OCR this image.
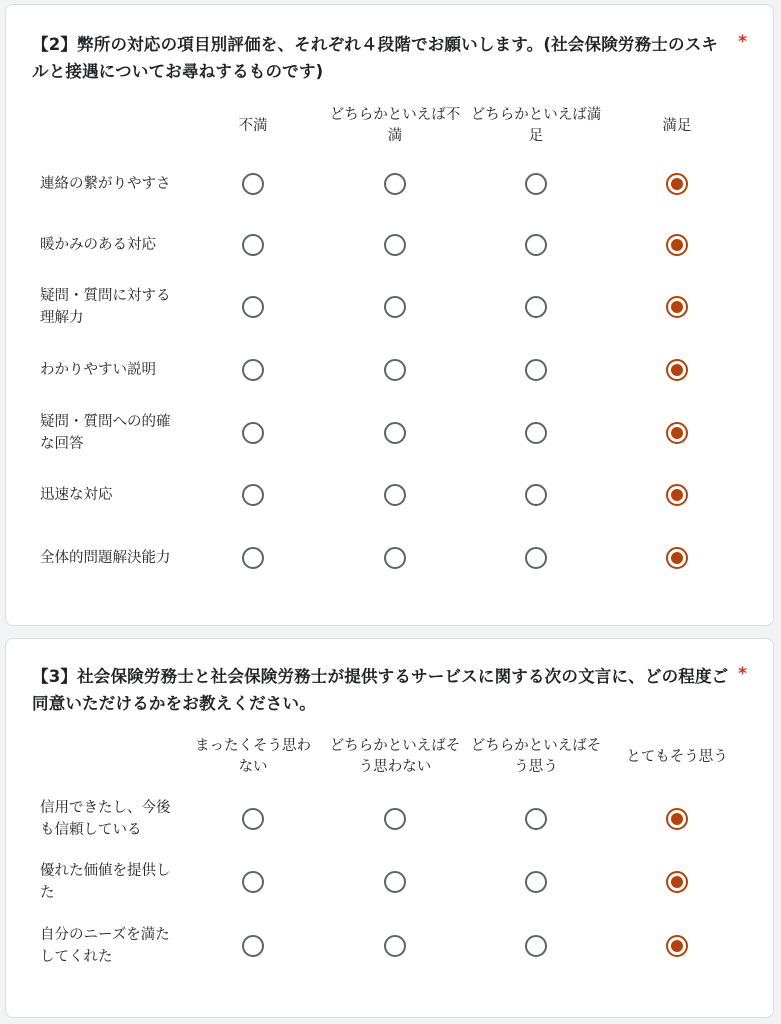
【2】弊所の対応の項目別評価を、それぞれ４段階でお願いします。(社会保険労務士のスキルと接遇についてお尋ねするものです)
*
不満
どちらかといえば不
満
どちらかといえば満
足
満足
連絡の繋がりやすさ
暖かみのある対応
疑問・質問に対する理解力
わかりやすい説明
疑問・質問への的確な回答
迅速な対応
全体的問題解決能力
【3】社会保険労務士と社会保険労務士が提供するサービスに関する次の文言に、どの程度ご同意いただけるかをお教えください。
*
まったくそう思わ
ない
どちらかといえばそ
う思わない
どちらかといえばそ
う思う
とてもそう思う
信用できたし、今後も信頼している
優れた価値を提供した
自分のニーズを満たしてくれた
